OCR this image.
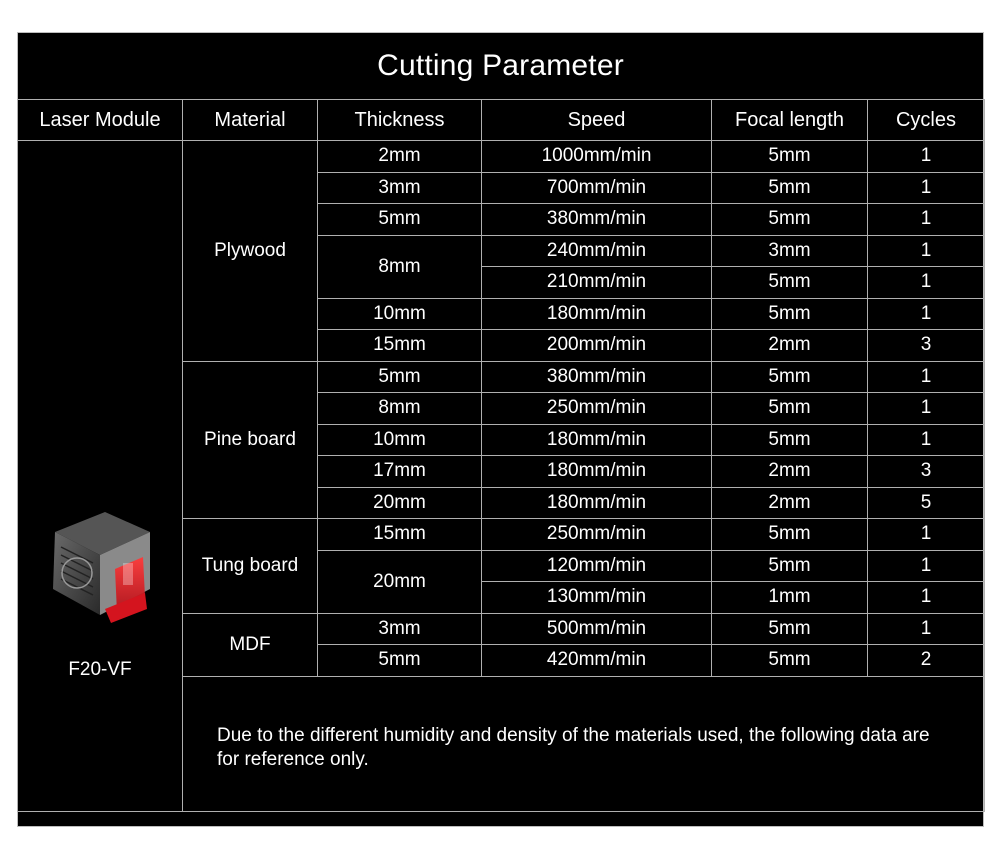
Cutting Parameter
Laser Module	Material	Thickness	Speed	Focal length	Cycles

F20-VF	Plywood	2mm	1000mm/min	5mm	1
		3mm	700mm/min	5mm	1
		5mm	380mm/min	5mm	1
		8mm	240mm/min	3mm	1
			210mm/min	5mm	1
		10mm	180mm/min	5mm	1
		15mm	200mm/min	2mm	3
	Pine board	5mm	380mm/min	5mm	1
		8mm	250mm/min	5mm	1
		10mm	180mm/min	5mm	1
		17mm	180mm/min	2mm	3
		20mm	180mm/min	2mm	5
	Tung board	15mm	250mm/min	5mm	1
		20mm	120mm/min	5mm	1
			130mm/min	1mm	1
	MDF	3mm	500mm/min	5mm	1
		5mm	420mm/min	5mm	2

	Due to the different humidity and density of the materials used, the following data are for reference only.				
